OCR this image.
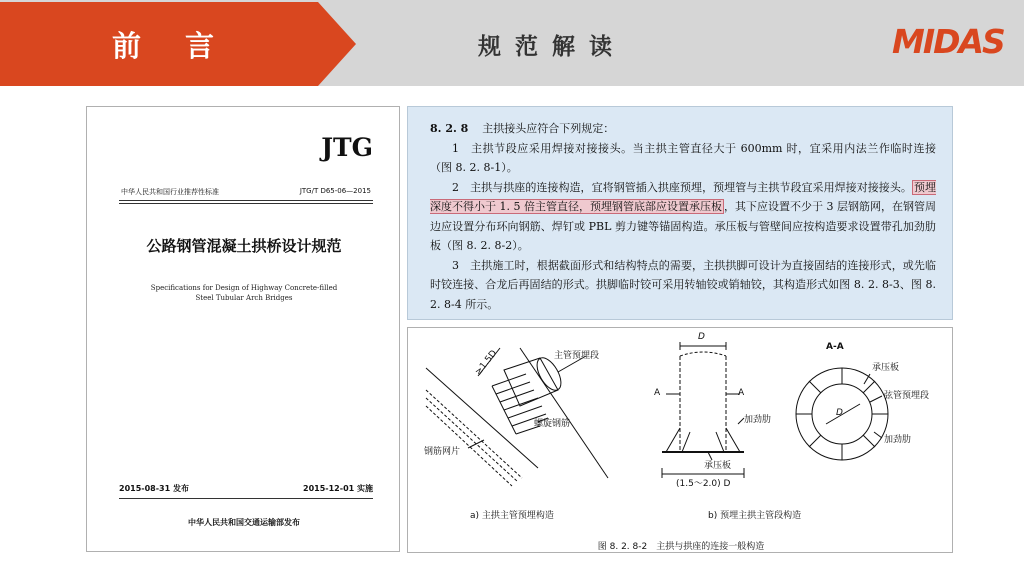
前言	规范解读	MIDAS
JTG
中华人民共和国行业推荐性标准	JTG/T D65-06—2015
公路钢管混凝土拱桥设计规范
Specifications for Design of Highway Concrete-filled
Steel Tubular Arch Bridges
2015-08-31 发布	2015-12-01 实施
中华人民共和国交通运输部发布
8. 2. 8 主拱接头应符合下列规定：
1　主拱节段应采用焊接对接接头。当主拱主管直径大于 600mm 时，宜采用内法兰作临时连接（图 8. 2. 8-1）。
2　主拱与拱座的连接构造，宜将钢管插入拱座预埋，预埋管与主拱节段宜采用焊接对接接头。 预埋深度不得小于 1. 5 倍主管直径，预埋钢管底部应设置承压板 ，其下应设置不少于 3 层钢筋网，在钢管周边应设置分布环向钢筋、焊钉或 PBL 剪力键等锚固构造。承压板与管壁间应按构造要求设置带孔加劲肋板（图 8. 2. 8-2）。
3　主拱施工时，根据截面形式和结构特点的需要，主拱拱脚可设计为直接固结的连接形式，或先临时铰连接、合龙后再固结的形式。拱脚临时铰可采用转轴铰或销轴铰，其构造形式如图 8. 2. 8-3、图 8. 2. 8-4 所示。
≥1.5D	主管预埋段
螺旋钢筋
钢筋网片
D
A	A
加劲肋
承压板
(1.5～2.0) D
A-A
承压板
弦管预埋段
加劲肋
D
a) 主拱主管预埋构造	b) 预埋主拱主管段构造
图 8. 2. 8-2　主拱与拱座的连接一般构造
